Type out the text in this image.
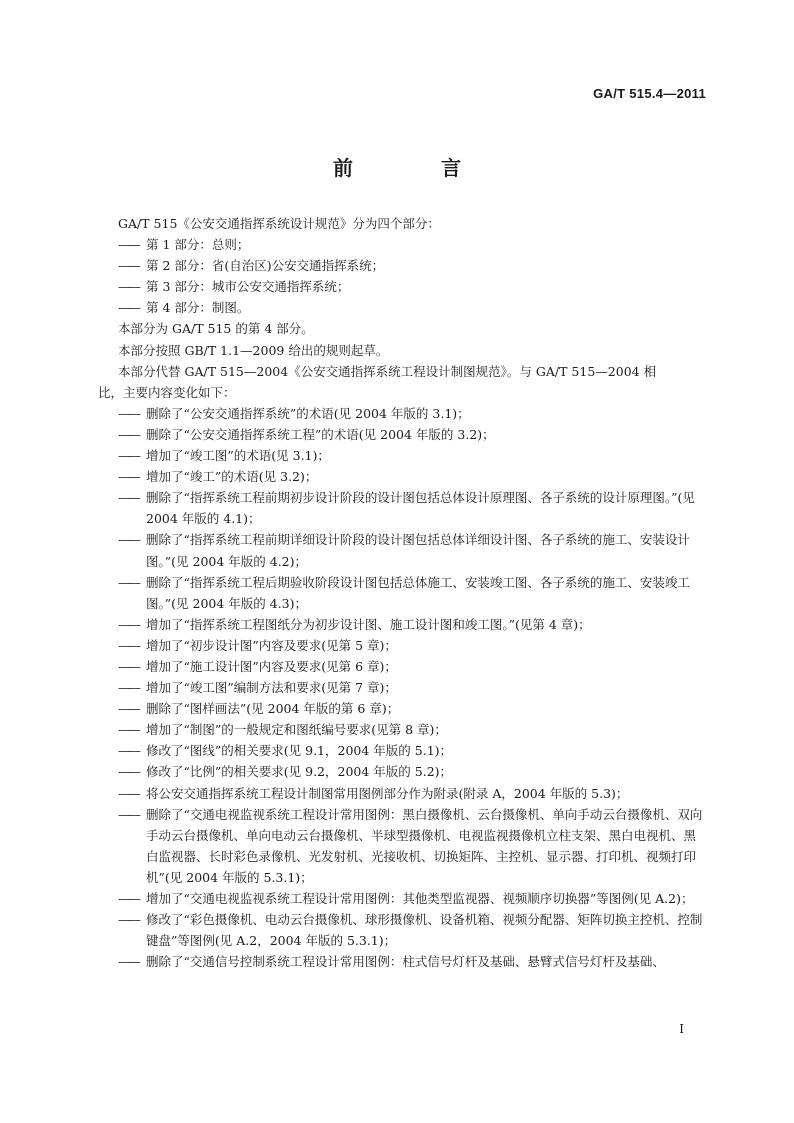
GA/T 515.4—2011
前　言

GA/T 515《公安交通指挥系统设计规范》分为四个部分：

—— 第 1 部分：总则；
—— 第 2 部分：省(自治区)公安交通指挥系统；
—— 第 3 部分：城市公安交通指挥系统；
—— 第 4 部分：制图。

本部分为 GA/T 515 的第 4 部分。

本部分按照 GB/T 1.1—2009 给出的规则起草。

本部分代替 GA/T 515—2004《公安交通指挥系统工程设计制图规范》。与 GA/T 515—2004 相

比，主要内容变化如下：

—— 删除了“公安交通指挥系统”的术语(见 2004 年版的 3.1)；
—— 删除了“公安交通指挥系统工程”的术语(见 2004 年版的 3.2)；
—— 增加了“竣工图”的术语(见 3.1)；
—— 增加了“竣工”的术语(见 3.2)；
—— 删除了“指挥系统工程前期初步设计阶段的设计图包括总体设计原理图、各子系统的设计原理图。”(见 2004 年版的 4.1)；
—— 删除了“指挥系统工程前期详细设计阶段的设计图包括总体详细设计图、各子系统的施工、安装设计图。”(见 2004 年版的 4.2)；
—— 删除了“指挥系统工程后期验收阶段设计图包括总体施工、安装竣工图、各子系统的施工、安装竣工图。”(见 2004 年版的 4.3)；
—— 增加了“指挥系统工程图纸分为初步设计图、施工设计图和竣工图。”(见第 4 章)；
—— 增加了“初步设计图”内容及要求(见第 5 章)；
—— 增加了“施工设计图”内容及要求(见第 6 章)；
—— 增加了“竣工图”编制方法和要求(见第 7 章)；
—— 删除了“图样画法”(见 2004 年版的第 6 章)；
—— 增加了“制图”的一般规定和图纸编号要求(见第 8 章)；
—— 修改了“图线”的相关要求(见 9.1，2004 年版的 5.1)；
—— 修改了“比例”的相关要求(见 9.2，2004 年版的 5.2)；
—— 将公安交通指挥系统工程设计制图常用图例部分作为附录(附录 A，2004 年版的 5.3)；
—— 删除了“交通电视监视系统工程设计常用图例：黑白摄像机、云台摄像机、单向手动云台摄像机、双向手动云台摄像机、单向电动云台摄像机、半球型摄像机、电视监视摄像机立柱支架、黑白电视机、黑白监视器、长时彩色录像机、光发射机、光接收机、切换矩阵、主控机、显示器、打印机、视频打印机”(见 2004 年版的 5.3.1)；
—— 增加了“交通电视监视系统工程设计常用图例：其他类型监视器、视频顺序切换器”等图例(见 A.2)；
—— 修改了“彩色摄像机、电动云台摄像机、球形摄像机、设备机箱、视频分配器、矩阵切换主控机、控制键盘”等图例(见 A.2，2004 年版的 5.3.1)；
—— 删除了“交通信号控制系统工程设计常用图例：柱式信号灯杆及基础、悬臂式信号灯杆及基础、
I
